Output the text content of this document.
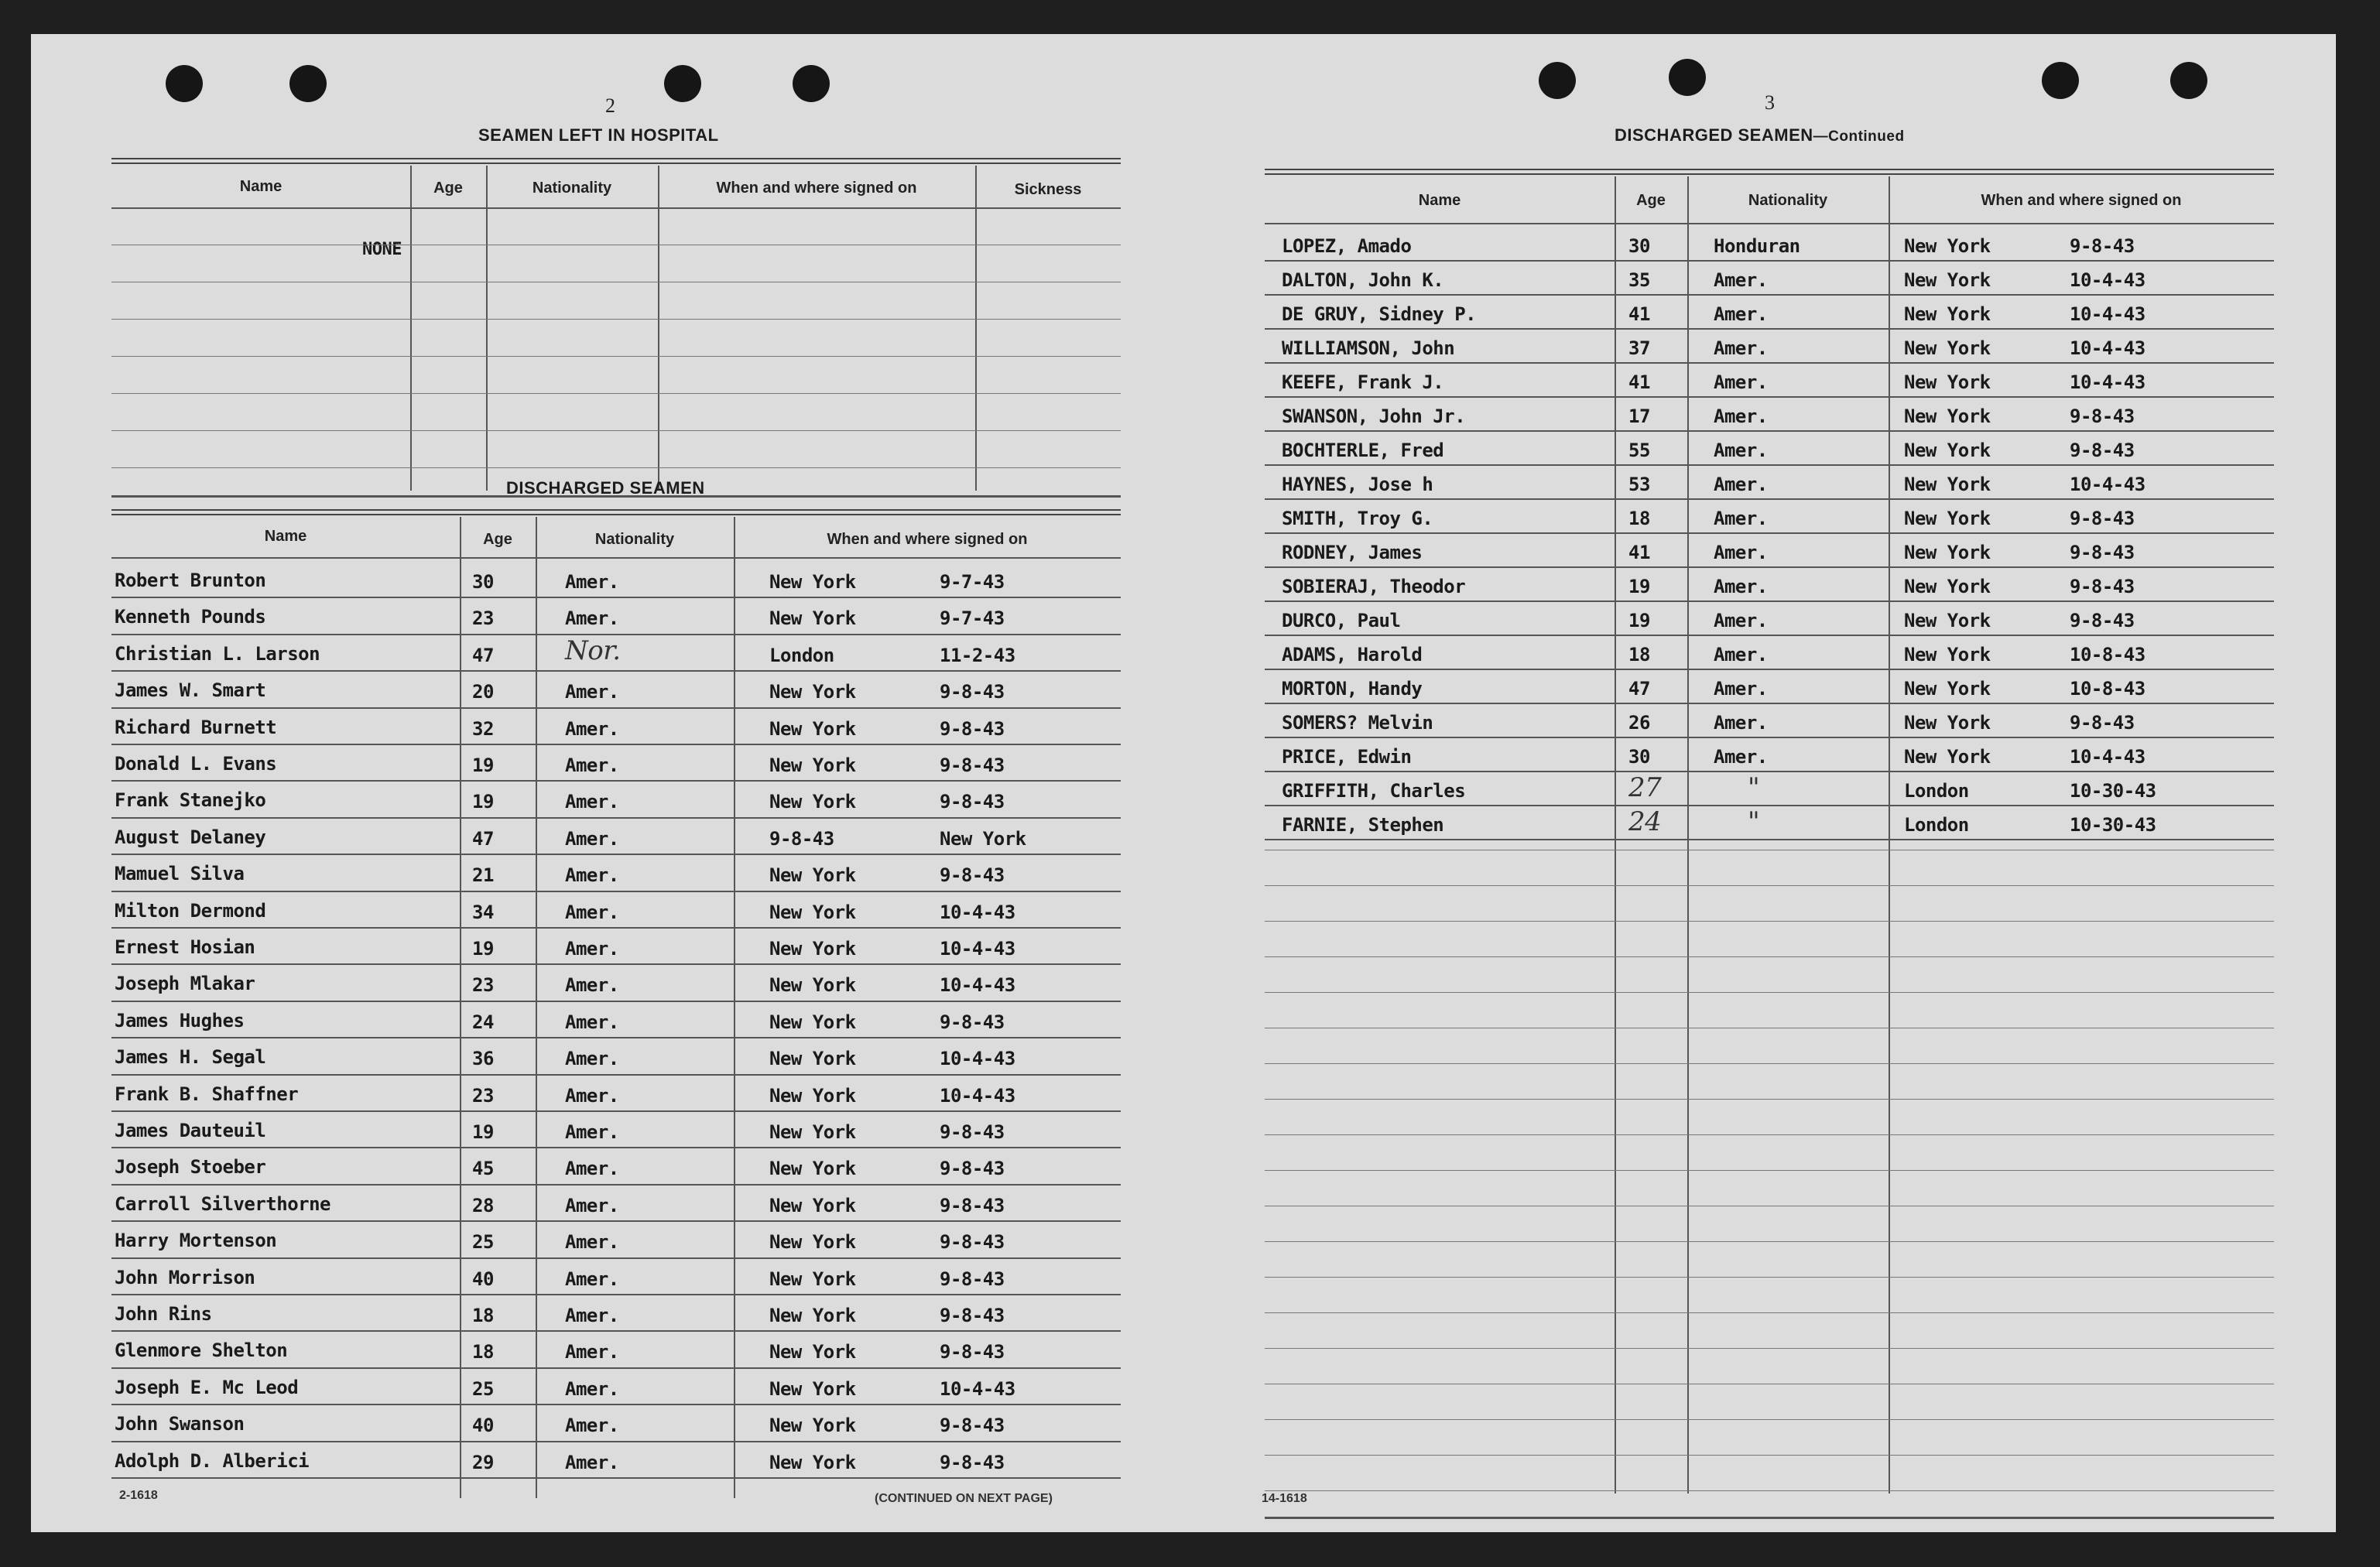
2
SEAMEN LEFT IN HOSPITAL
Name	Age	Nationality	When and where signed on	Sickness
NONE
DISCHARGED SEAMEN
Name	Age	Nationality	When and where signed on
Robert Brunton	30	Amer.	New York	9-7-43
Kenneth Pounds	23	Amer.	New York	9-7-43
Christian L. Larson	47	Nor.	London	11-2-43
James W. Smart	20	Amer.	New York	9-8-43
Richard Burnett	32	Amer.	New York	9-8-43
Donald L. Evans	19	Amer.	New York	9-8-43
Frank Stanejko	19	Amer.	New York	9-8-43
August Delaney	47	Amer.	9-8-43	New York
Mamuel Silva	21	Amer.	New York	9-8-43
Milton Dermond	34	Amer.	New York	10-4-43
Ernest Hosian	19	Amer.	New York	10-4-43
Joseph Mlakar	23	Amer.	New York	10-4-43
James Hughes	24	Amer.	New York	9-8-43
James H. Segal	36	Amer.	New York	10-4-43
Frank B. Shaffner	23	Amer.	New York	10-4-43
James Dauteuil	19	Amer.	New York	9-8-43
Joseph Stoeber	45	Amer.	New York	9-8-43
Carroll Silverthorne	28	Amer.	New York	9-8-43
Harry Mortenson	25	Amer.	New York	9-8-43
John Morrison	40	Amer.	New York	9-8-43
John Rins	18	Amer.	New York	9-8-43
Glenmore Shelton	18	Amer.	New York	9-8-43
Joseph E. Mc Leod	25	Amer.	New York	10-4-43
John Swanson	40	Amer.	New York	9-8-43
Adolph D. Alberici	29	Amer.	New York	9-8-43
2-1618	(CONTINUED ON NEXT PAGE)
3
DISCHARGED SEAMEN—Continued
Name	Age	Nationality	When and where signed on
LOPEZ, Amado	30	Honduran	New York	9-8-43
DALTON, John K.	35	Amer.	New York	10-4-43
DE GRUY, Sidney P.	41	Amer.	New York	10-4-43
WILLIAMSON, John	37	Amer.	New York	10-4-43
KEEFE, Frank J.	41	Amer.	New York	10-4-43
SWANSON, John Jr.	17	Amer.	New York	9-8-43
BOCHTERLE, Fred	55	Amer.	New York	9-8-43
HAYNES, Jose h	53	Amer.	New York	10-4-43
SMITH, Troy G.	18	Amer.	New York	9-8-43
RODNEY, James	41	Amer.	New York	9-8-43
SOBIERAJ, Theodor	19	Amer.	New York	9-8-43
DURCO, Paul	19	Amer.	New York	9-8-43
ADAMS, Harold	18	Amer.	New York	10-8-43
MORTON, Handy	47	Amer.	New York	10-8-43
SOMERS? Melvin	26	Amer.	New York	9-8-43
PRICE, Edwin	30	Amer.	New York	10-4-43
GRIFFITH, Charles	27	"	London	10-30-43
FARNIE, Stephen	24	"	London	10-30-43
14-1618
